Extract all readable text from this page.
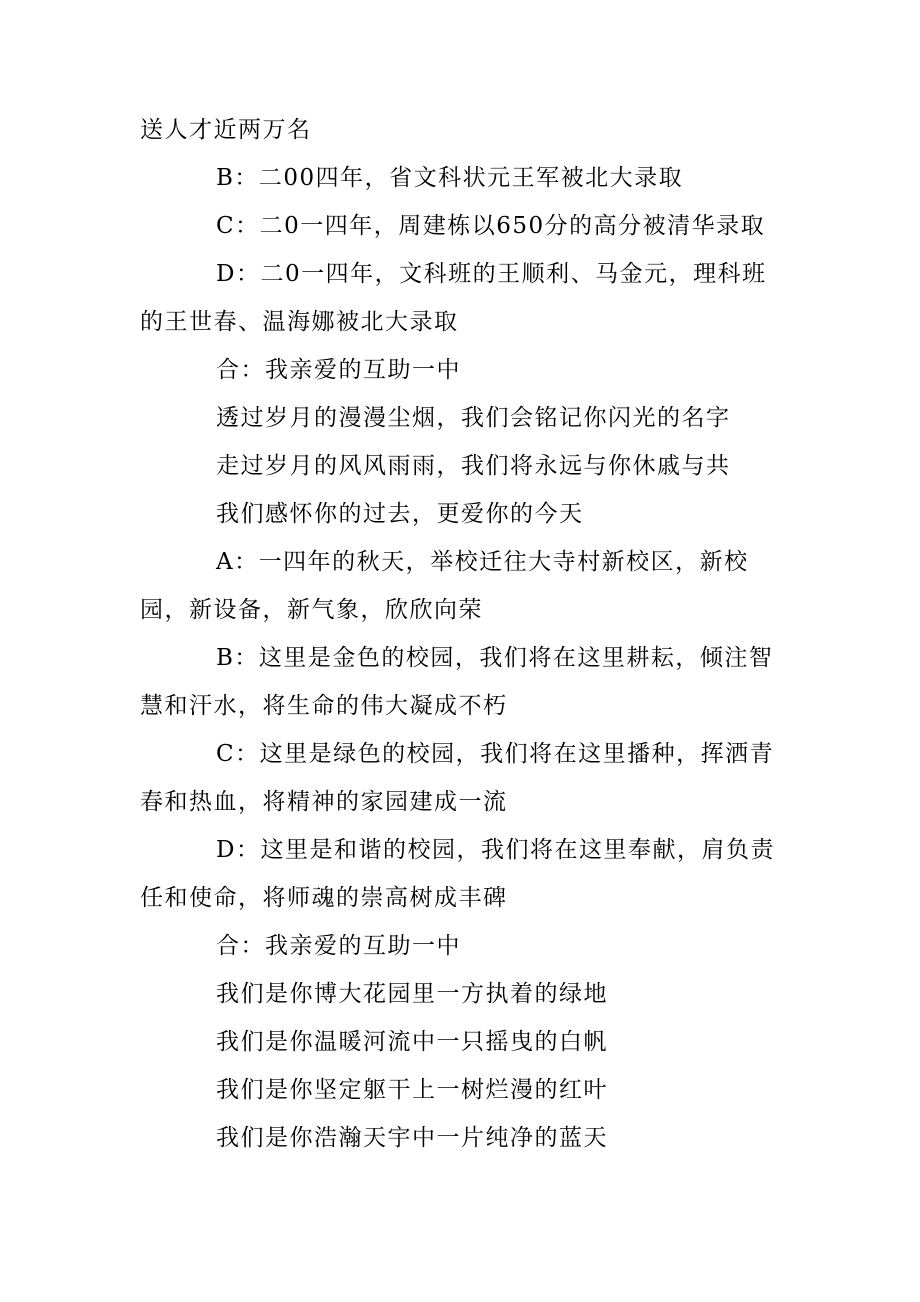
送人才近两万名

B：二00四年，省文科状元王军被北大录取

C：二0一四年，周建栋以650分的高分被清华录取

D：二0一四年，文科班的王顺利、马金元，理科班的王世春、温海娜被北大录取

合：我亲爱的互助一中

透过岁月的漫漫尘烟，我们会铭记你闪光的名字

走过岁月的风风雨雨，我们将永远与你休戚与共

我们感怀你的过去，更爱你的今天

A：一四年的秋天，举校迁往大寺村新校区，新校园，新设备，新气象，欣欣向荣

B：这里是金色的校园，我们将在这里耕耘，倾注智慧和汗水，将生命的伟大凝成不朽

C：这里是绿色的校园，我们将在这里播种，挥洒青春和热血，将精神的家园建成一流

D：这里是和谐的校园，我们将在这里奉献，肩负责任和使命，将师魂的崇高树成丰碑

合：我亲爱的互助一中

我们是你博大花园里一方执着的绿地

我们是你温暖河流中一只摇曳的白帆

我们是你坚定躯干上一树烂漫的红叶

我们是你浩瀚天宇中一片纯净的蓝天
